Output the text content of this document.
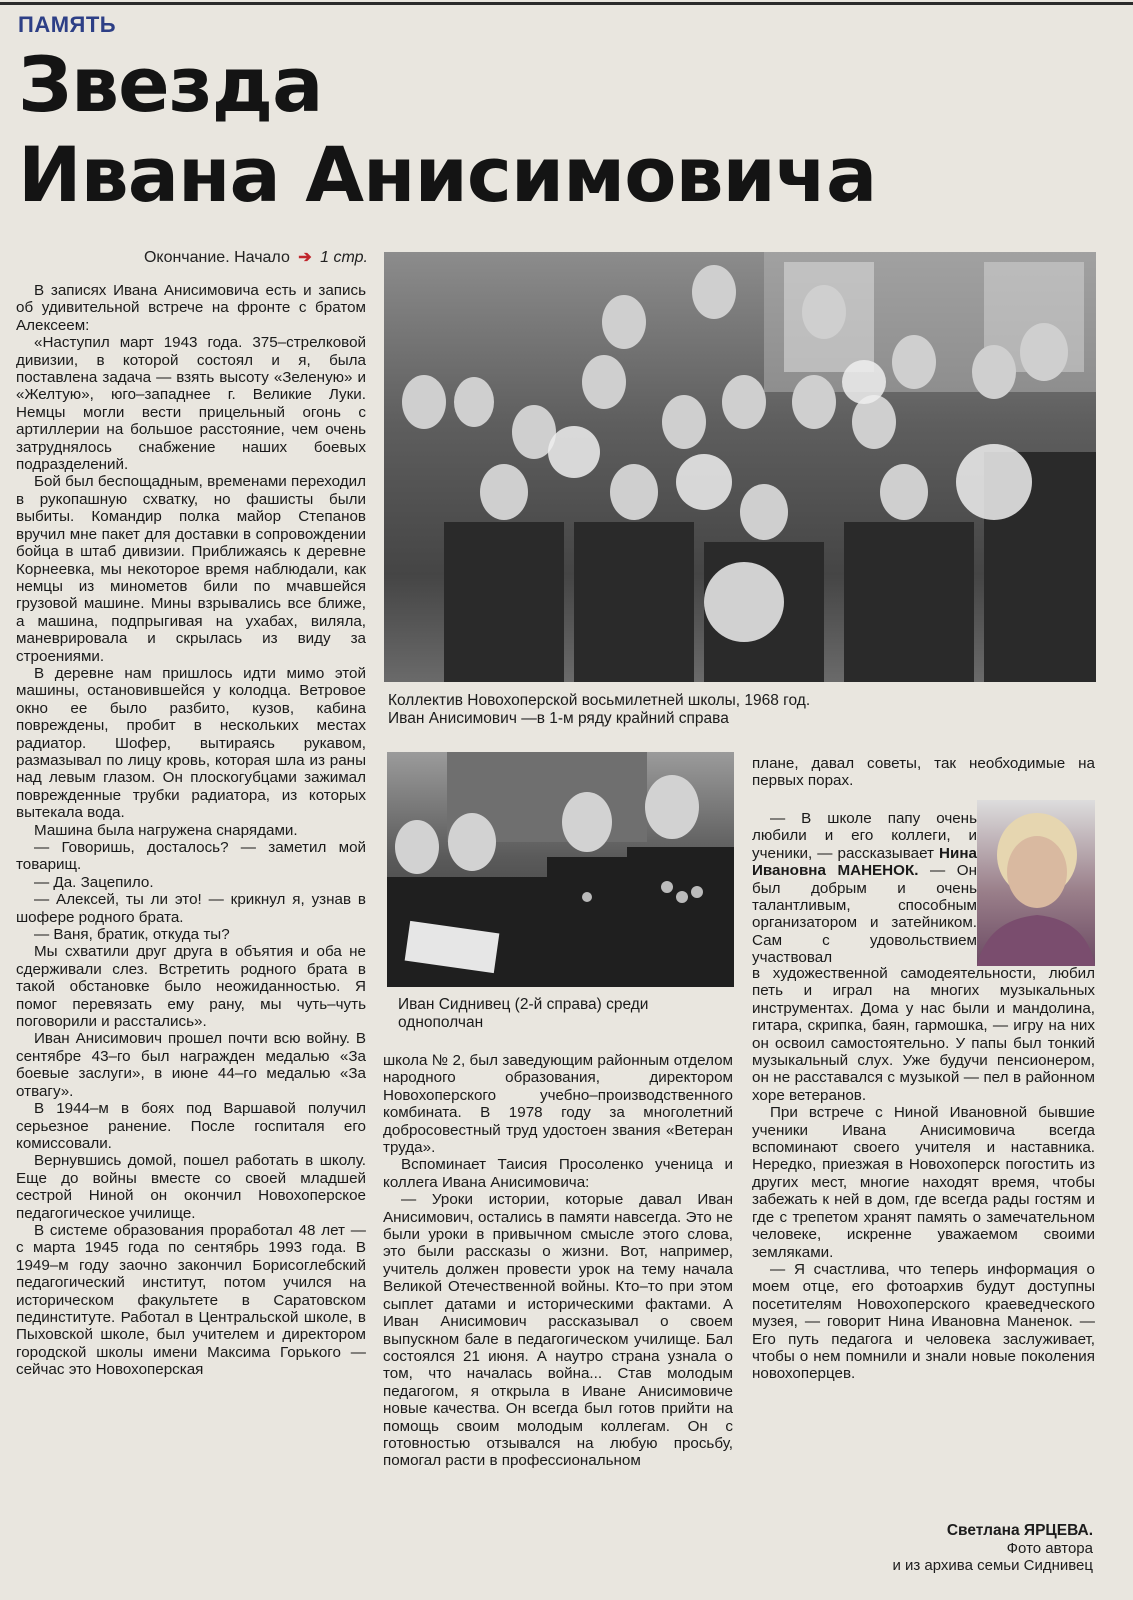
ПАМЯТЬ
Звезда
Ивана Анисимовича
Окончание. Начало ➔ 1 стр.

В записях Ивана Анисимовича есть и запись об удивительной встрече на фронте с братом Алексеем:

«Наступил март 1943 года. 375–стрелковой дивизии, в которой состоял и я, была поставлена задача — взять высоту «Зеленую» и «Желтую», юго–западнее г. Великие Луки. Немцы могли вести прицельный огонь с артиллерии на большое расстояние, чем очень затруднялось снабжение наших боевых подразделений.

Бой был беспощадным, временами переходил в рукопашную схватку, но фашисты были выбиты. Командир полка майор Степанов вручил мне пакет для доставки в сопровождении бойца в штаб дивизии. Приближаясь к деревне Корнеевка, мы некоторое время наблюдали, как немцы из минометов били по мчавшейся грузовой машине. Мины взрывались все ближе, а машина, подпрыгивая на ухабах, виляла, маневрировала и скрылась из виду за строениями.

В деревне нам пришлось идти мимо этой машины, остановившейся у колодца. Ветровое окно ее было разбито, кузов, кабина повреждены, пробит в нескольких местах радиатор. Шофер, вытираясь рукавом, размазывал по лицу кровь, которая шла из раны над левым глазом. Он плоскогубцами зажимал поврежденные трубки радиатора, из которых вытекала вода.

Машина была нагружена снарядами.

— Говоришь, досталось? — заметил мой товарищ.

— Да. Зацепило.

— Алексей, ты ли это! — крикнул я, узнав в шофере родного брата.

— Ваня, братик, откуда ты?

Мы схватили друг друга в объятия и оба не сдерживали слез. Встретить родного брата в такой обстановке было неожиданностью. Я помог перевязать ему рану, мы чуть–чуть поговорили и расстались».

Иван Анисимович прошел почти всю войну. В сентябре 43–го был награжден медалью «За боевые заслуги», в июне 44–го медалью «За отвагу».

В 1944–м в боях под Варшавой получил серьезное ранение. После госпиталя его комиссовали.

Вернувшись домой, пошел работать в школу. Еще до войны вместе со своей младшей сестрой Ниной он окончил Новохоперское педагогическое училище.

В системе образования проработал 48 лет — с марта 1945 года по сентябрь 1993 года. В 1949–м году заочно закончил Борисоглебский педагогический институт, потом учился на историческом факультете в Саратовском пединституте. Работал в Центральской школе, в Пыховской школе, был учителем и директором городской школы имени Максима Горького — сейчас это Новохоперская

Коллектив Новохоперской восьмилетней школы, 1968 год.
Иван Анисимович —в 1-м ряду крайний справа
Иван Сиднивец (2-й справа) среди
однополчан

школа № 2, был заведующим районным отделом народного образования, директором Новохоперского учебно–производственного комбината. В 1978 году за многолетний добросовестный труд удостоен звания «Ветеран труда».

Вспоминает Таисия Просоленко ученица и коллега Ивана Анисимовича:

— Уроки истории, которые давал Иван Анисимович, остались в памяти навсегда. Это не были уроки в привычном смысле этого слова, это были рассказы о жизни. Вот, например, учитель должен провести урок на тему начала Великой Отечественной войны. Кто–то при этом сыплет датами и историческими фактами. А Иван Анисимович рассказывал о своем выпускном бале в педагогическом училище. Бал состоялся 21 июня. А наутро страна узнала о том, что началась война... Став молодым педагогом, я открыла в Иване Анисимовиче новые качества. Он всегда был готов прийти на помощь своим молодым коллегам. Он с готовностью отзывался на любую просьбу, помогал расти в профессиональном

плане, давал советы, так необходимые на первых порах.

— В школе папу очень любили и его коллеги, и ученики, — рассказывает Нина Ивановна МАНЕНОК. — Он был добрым и очень талантливым, способным организатором и затейником. Сам с удовольствием участвовал

в художественной самодеятельности, любил петь и играл на многих музыкальных инструментах. Дома у нас были и мандолина, гитара, скрипка, баян, гармошка, — игру на них он освоил самостоятельно. У папы был тонкий музыкальный слух. Уже будучи пенсионером, он не расставался с музыкой — пел в районном хоре ветеранов.

При встрече с Ниной Ивановной бывшие ученики Ивана Анисимовича всегда вспоминают своего учителя и наставника. Нередко, приезжая в Новохоперск погостить из других мест, многие находят время, чтобы забежать к ней в дом, где всегда рады гостям и где с трепетом хранят память о замечательном человеке, искренне уважаемом своими земляками.

— Я счастлива, что теперь информация о моем отце, его фотоархив будут доступны посетителям Новохоперского краеведческого музея, — говорит Нина Ивановна Маненок. — Его путь педагога и человека заслуживает, чтобы о нем помнили и знали новые поколения новохоперцев.

Светлана ЯРЦЕВА.
Фото автора
и из архива семьи Сиднивец
